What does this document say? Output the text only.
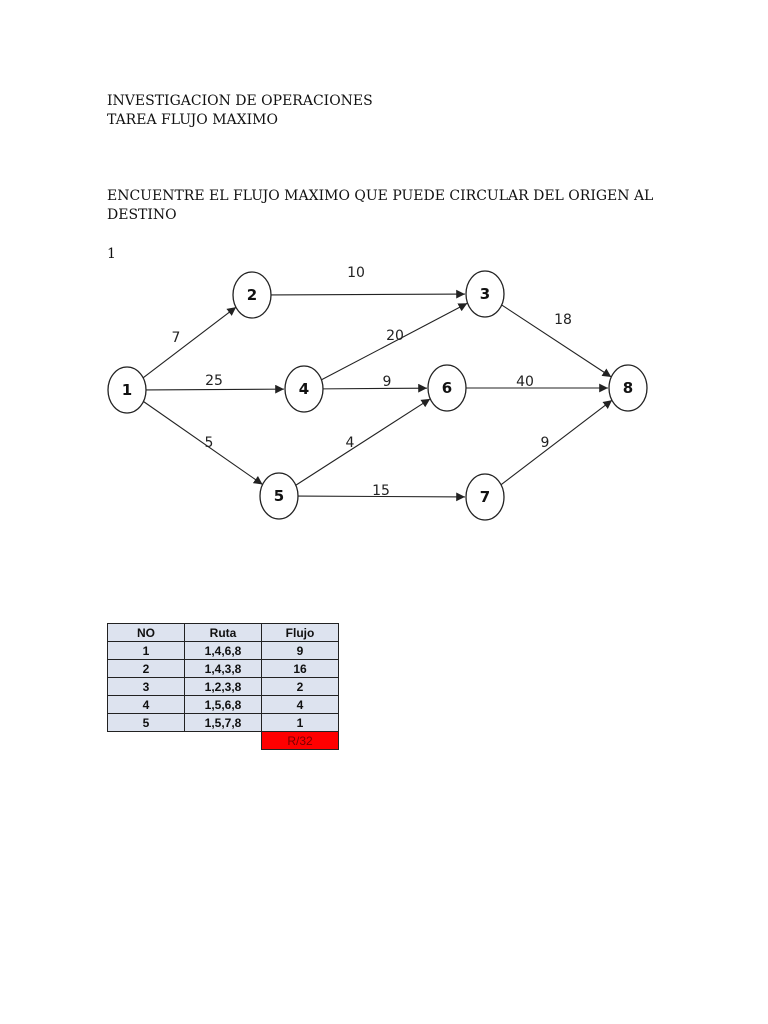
INVESTIGACION DE OPERACIONES
TAREA FLUJO MAXIMO
ENCUENTRE EL FLUJO MAXIMO QUE PUEDE CIRCULAR DEL ORIGEN AL
DESTINO
1
7
25
5
10
20
9
4
15
18
40
9
1
2	3
4
5
6
7
8
NO	Ruta	Flujo
1	1,4,6,8	9
2	1,4,3,8	16
3	1,2,3,8	2
4	1,5,6,8	4
5	1,5,7,8	1
		R/32
